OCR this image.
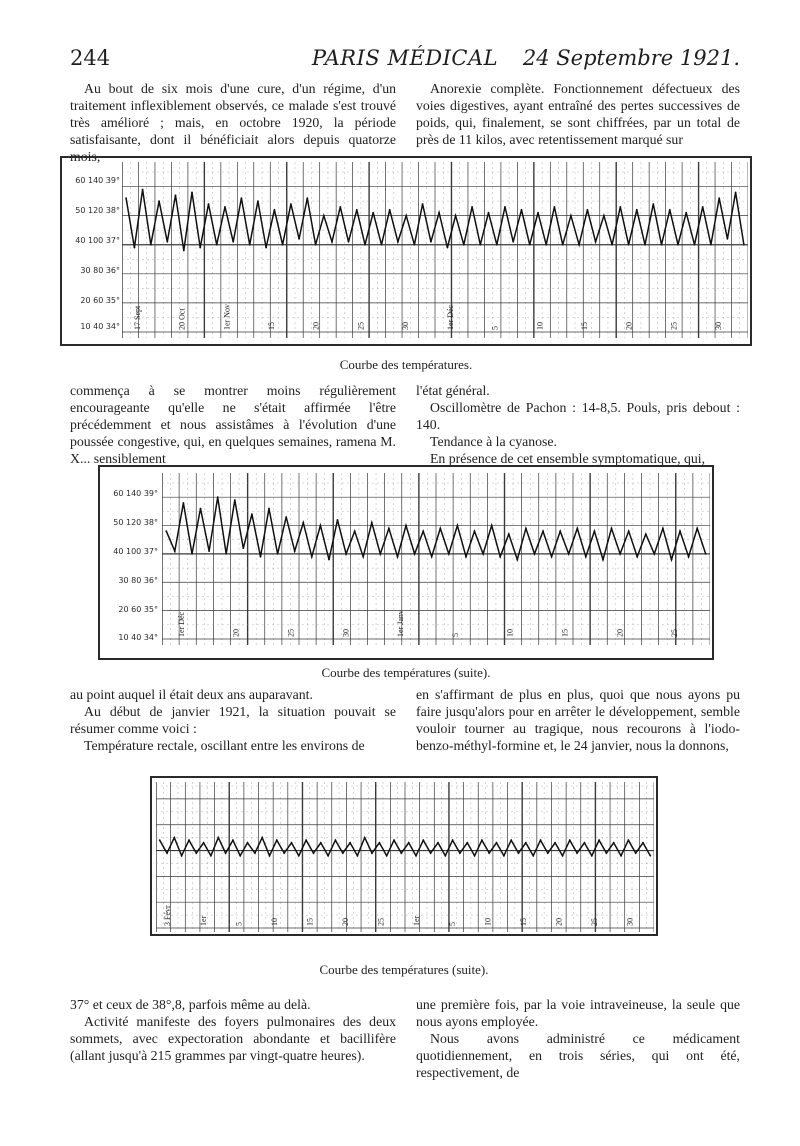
244	PARIS MÉDICAL	24 Septembre 1921.

Au bout de six mois d'une cure, d'un régime, d'un traitement inflexiblement observés, ce malade s'est trouvé très amélioré ; mais, en octobre 1920, la période satisfaisante, dont il bénéficiait alors depuis quatorze mois,

Anorexie complète. Fonctionnement défectueux des voies digestives, ayant entraîné des pertes successives de poids, qui, finalement, se sont chiffrées, par un total de près de 11 kilos, avec retentissement marqué sur

60 140 39°
50 120 38°
40 100 37°
30 80 36°
20 60 35°
10 40 34° 17 Sept	20 Oct	1er Nov	15	20	25	30	1er Déc	5	10	15	20	25	30
Courbe des températures.

commença à se montrer moins régulièrement encourageante qu'elle ne s'était affirmée l'être précédemment et nous assistâmes à l'évolution d'une poussée congestive, qui, en quelques semaines, ramena M. X... sensiblement

l'état général.

Oscillomètre de Pachon : 14-8,5. Pouls, pris debout : 140.

Tendance à la cyanose.

En présence de cet ensemble symptomatique, qui,

60 140 39°
50 120 38°
40 100 37°
30 80 36°
20 60 35°
10 40 34°
1er Déc	20	25	30	1er Janv	5	10	15	20	25
Courbe des températures (suite).

au point auquel il était deux ans auparavant.

Au début de janvier 1921, la situation pouvait se résumer comme voici :

Température rectale, oscillant entre les environs de

en s'affirmant de plus en plus, quoi que nous ayons pu faire jusqu'alors pour en arrêter le développement, semble vouloir tourner au tragique, nous recourons à l'iodo-benzo-méthyl-formine et, le 24 janvier, nous la donnons,

3 Févr	1er	5	10	15	20	25	1er	5	10	15	20	25	30
Courbe des températures (suite).

37° et ceux de 38°,8, parfois même au delà.

Activité manifeste des foyers pulmonaires des deux sommets, avec expectoration abondante et bacillifère (allant jusqu'à 215 grammes par vingt-quatre heures).

une première fois, par la voie intraveineuse, la seule que nous ayons employée.

Nous avons administré ce médicament quotidiennement, en trois séries, qui ont été, respectivement, de
